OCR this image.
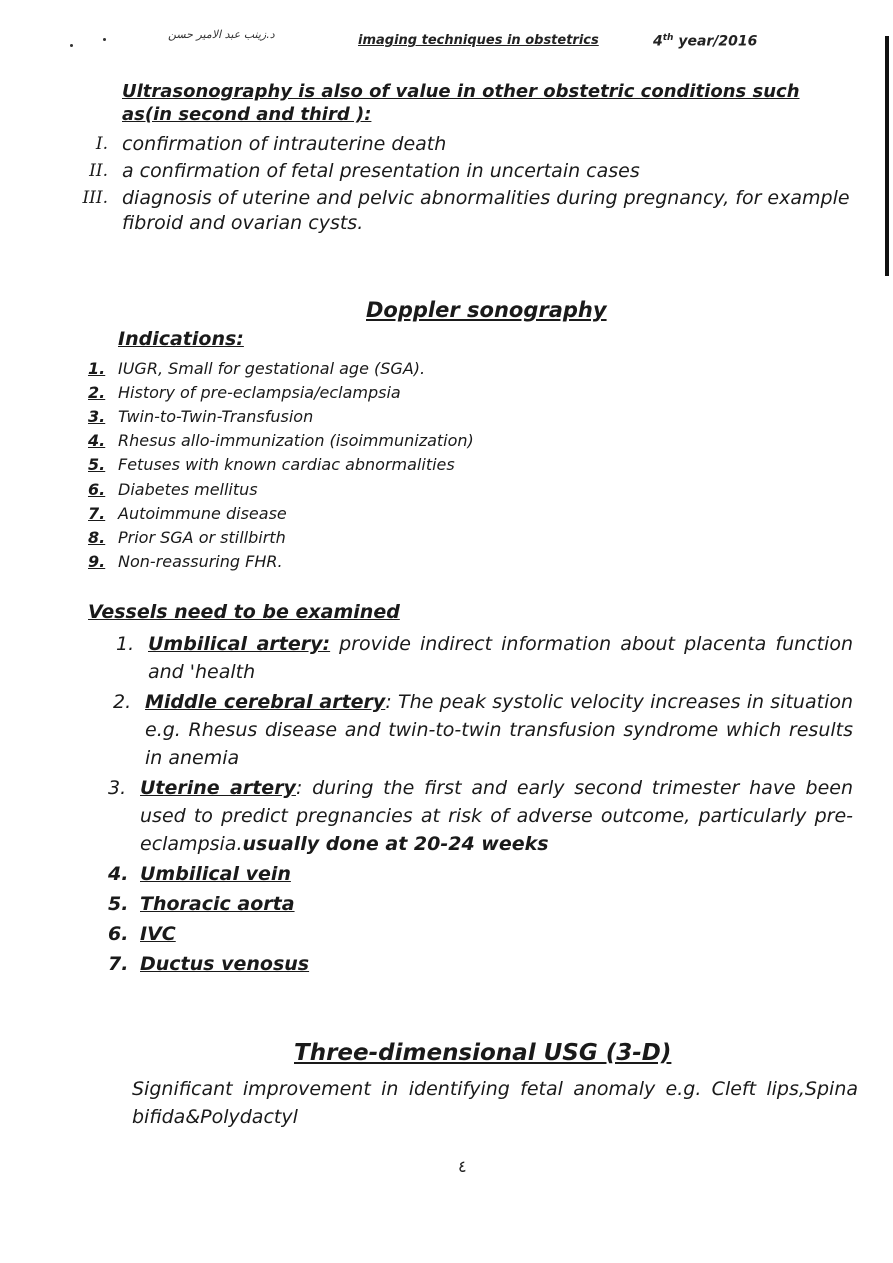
د.زينب عبد الامير حسن	imaging techniques in obstetrics	4th year/2016
Ultrasonography is also of value in other obstetric conditions such as(in second and third ):
I. confirmation of intrauterine death
II. a confirmation of fetal presentation in uncertain cases
III. diagnosis of uterine and pelvic abnormalities during pregnancy, for example fibroid and ovarian cysts.
Doppler sonography
Indications:
1. IUGR, Small for gestational age (SGA).
2. History of pre-eclampsia/eclampsia
3. Twin-to-Twin-Transfusion
4. Rhesus allo-immunization (isoimmunization)
5. Fetuses with known cardiac abnormalities
6. Diabetes mellitus
7. Autoimmune disease
8. Prior SGA or stillbirth
9. Non-reassuring FHR.
Vessels need to be examined
1. Umbilical artery: provide indirect information about placenta function and 'health
2. Middle cerebral artery: The peak systolic velocity increases in situation e.g. Rhesus disease and twin-to-twin transfusion syndrome which results in anemia
3. Uterine artery: during the first and early second trimester have been used to predict pregnancies at risk of adverse outcome, particularly pre-eclampsia.usually done at 20-24 weeks
4. Umbilical vein
5. Thoracic aorta
6. IVC
7. Ductus venosus
Three-dimensional USG (3-D)
Significant improvement in identifying fetal anomaly e.g. Cleft lips,Spina bifida&Polydactyl
٤
